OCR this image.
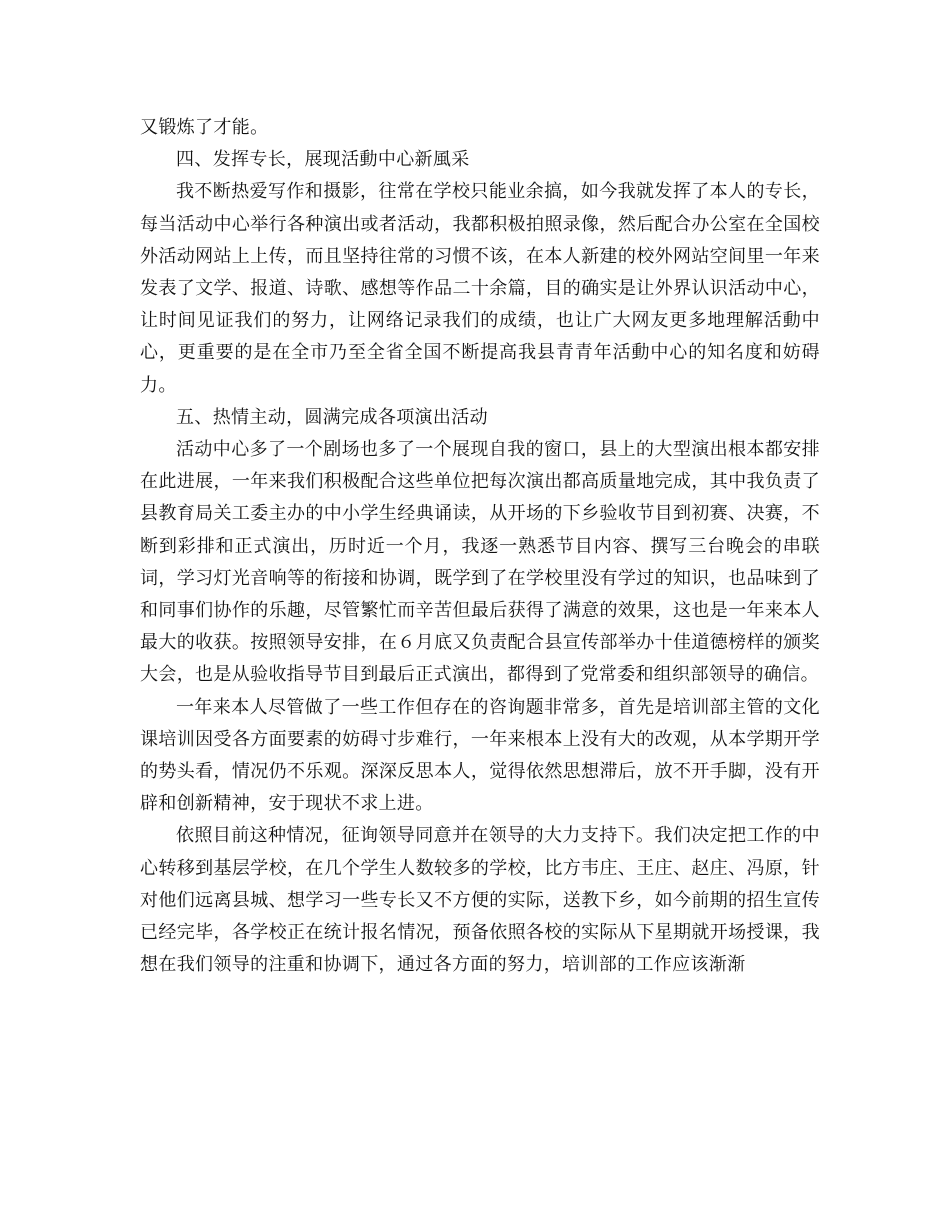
又锻炼了才能。

四、发挥专长，展现活動中心新風采

我不断热爱写作和摄影，往常在学校只能业余搞，如今我就发挥了本人的专长，每当活动中心举行各种演出或者活动，我都积极拍照录像，然后配合办公室在全国校外活动网站上上传，而且坚持往常的习惯不该，在本人新建的校外网站空间里一年来发表了文学、报道、诗歌、感想等作品二十余篇，目的确实是让外界认识活动中心，让时间见证我们的努力，让网络记录我们的成绩，也让广大网友更多地理解活動中心，更重要的是在全市乃至全省全国不断提高我县青青年活動中心的知名度和妨碍力。

五、热情主动，圆满完成各项演出活动

活动中心多了一个剧场也多了一个展现自我的窗口，县上的大型演出根本都安排在此进展，一年来我们积极配合这些单位把每次演出都高质量地完成，其中我负责了县教育局关工委主办的中小学生经典诵读，从开场的下乡验收节目到初赛、决赛，不断到彩排和正式演出，历时近一个月，我逐一熟悉节目内容、撰写三台晚会的串联词，学习灯光音响等的衔接和协调，既学到了在学校里没有学过的知识，也品味到了和同事们协作的乐趣，尽管繁忙而辛苦但最后获得了满意的效果，这也是一年来本人最大的收获。按照领导安排，在６月底又负责配合县宣传部举办十佳道德榜样的颁奖大会，也是从验收指导节目到最后正式演出，都得到了党常委和组织部领导的确信。

一年来本人尽管做了一些工作但存在的咨询题非常多，首先是培训部主管的文化课培训因受各方面要素的妨碍寸步难行，一年来根本上没有大的改观，从本学期开学的势头看，情况仍不乐观。深深反思本人，觉得依然思想滞后，放不开手脚，没有开辟和创新精神，安于现状不求上进。

依照目前这种情况，征询领导同意并在领导的大力支持下。我们决定把工作的中心转移到基层学校，在几个学生人数较多的学校，比方韦庄、王庄、赵庄、冯原，针对他们远离县城、想学习一些专长又不方便的实际，送教下乡，如今前期的招生宣传已经完毕，各学校正在统计报名情况，预备依照各校的实际从下星期就开场授课，我想在我们领导的注重和协调下，通过各方面的努力，培训部的工作应该渐渐
